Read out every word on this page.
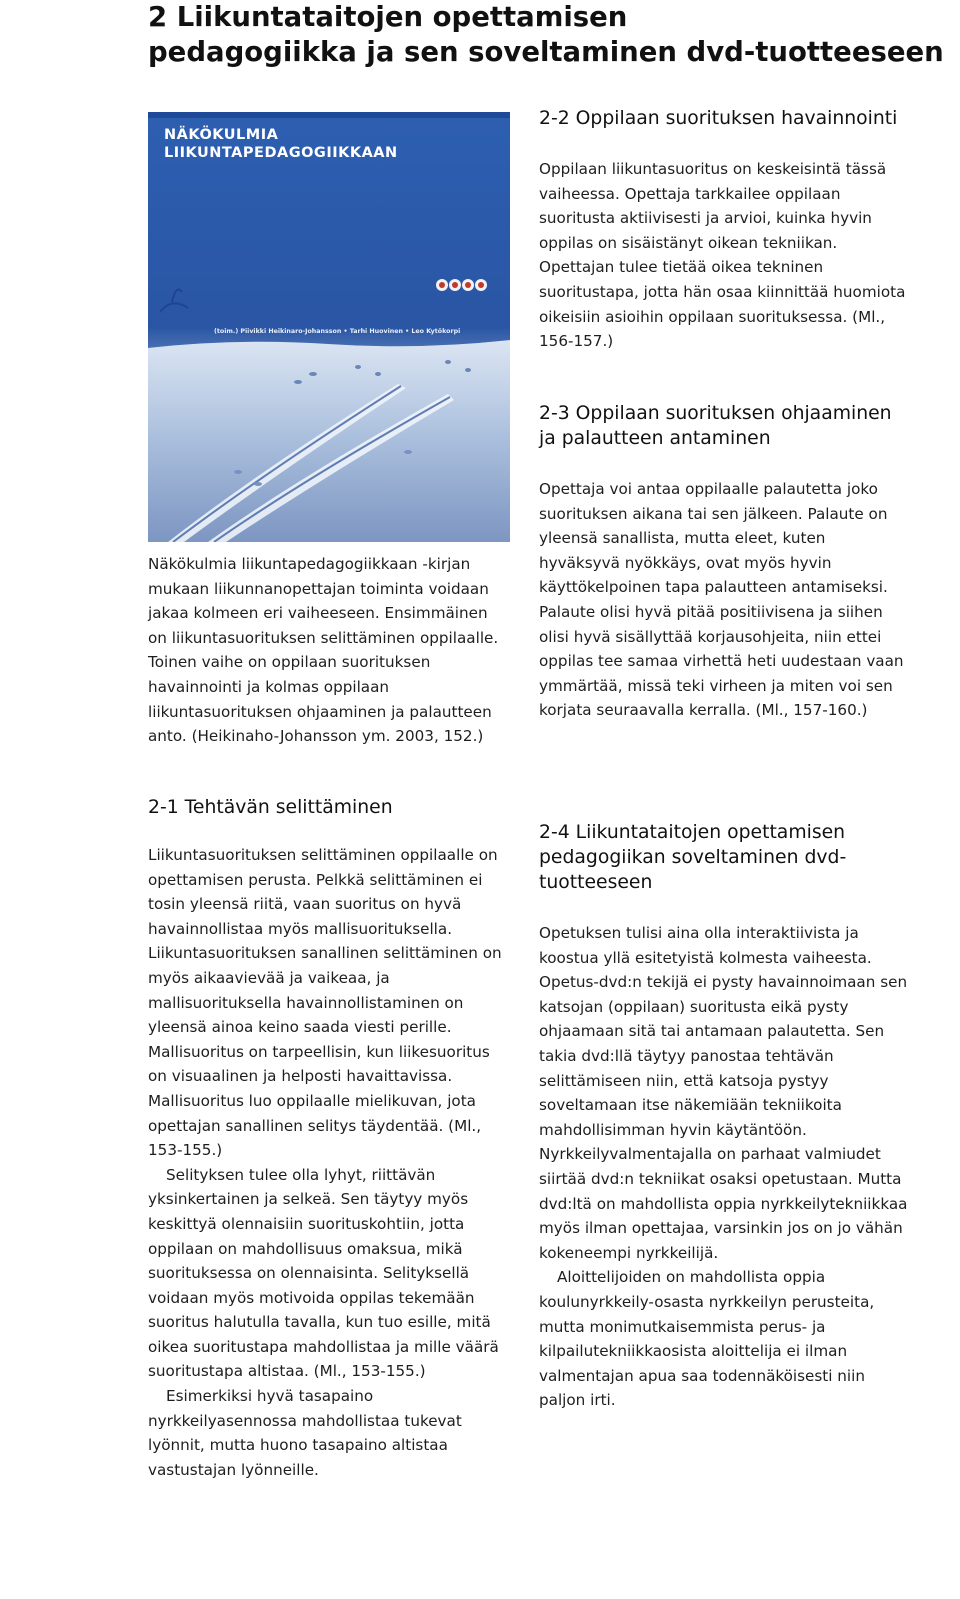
2 Liikuntataitojen opettamisen
pedagogiikka ja sen soveltaminen dvd-tuotteeseen
NÄKÖKULMIA
LIIKUNTAPEDAGOGIIKKAAN
(toim.) Piivikki Heikinaro-Johansson • Tarhi Huovinen • Leo Kytökorpi

Näkökulmia liikuntapedagogiikkaan -kirjan mukaan liikunnanopettajan toiminta voidaan jakaa kolmeen eri vaiheeseen. Ensimmäinen on liikuntasuorituksen selittäminen oppilaalle. Toinen vaihe on oppilaan suorituksen havainnointi ja kolmas oppilaan liikuntasuorituksen ohjaaminen ja palautteen anto. (Heikinaho-Johansson ym. 2003, 152.)

2-1 Tehtävän selittäminen

Liikuntasuorituksen selittäminen oppilaalle on opettamisen perusta. Pelkkä selittäminen ei tosin yleensä riitä, vaan suoritus on hyvä havainnollistaa myös mallisuorituksella. Liikuntasuorituksen sanallinen selittäminen on myös aikaavievää ja vaikeaa, ja mallisuorituksella havainnollistaminen on yleensä ainoa keino saada viesti perille. Mallisuoritus on tarpeellisin, kun liikesuoritus on visuaalinen ja helposti havaittavissa. Mallisuoritus luo oppilaalle mielikuvan, jota opettajan sanallinen selitys täydentää. (Ml., 153-155.)

Selityksen tulee olla lyhyt, riittävän yksinkertainen ja selkeä. Sen täytyy myös keskittyä olennaisiin suorituskohtiin, jotta oppilaan on mahdollisuus omaksua, mikä suorituksessa on olennaisinta. Selityksellä voidaan myös motivoida oppilas tekemään suoritus halutulla tavalla, kun tuo esille, mitä oikea suoritustapa mahdollistaa ja mille väärä suoritustapa altistaa. (Ml., 153-155.)

Esimerkiksi hyvä tasapaino nyrkkeilyasennossa mahdollistaa tukevat lyönnit, mutta huono tasapaino altistaa vastustajan lyönneille.

2-2 Oppilaan suorituksen havainnointi

Oppilaan liikuntasuoritus on keskeisintä tässä vaiheessa. Opettaja tarkkailee oppilaan suoritusta aktiivisesti ja arvioi, kuinka hyvin oppilas on sisäistänyt oikean tekniikan. Opettajan tulee tietää oikea tekninen suoritustapa, jotta hän osaa kiinnittää huomiota oikeisiin asioihin oppilaan suorituksessa. (Ml., 156-157.)

2-3 Oppilaan suorituksen ohjaaminen ja palautteen antaminen

Opettaja voi antaa oppilaalle palautetta joko suorituksen aikana tai sen jälkeen. Palaute on yleensä sanallista, mutta eleet, kuten hyväksyvä nyökkäys, ovat myös hyvin käyttökelpoinen tapa palautteen antamiseksi. Palaute olisi hyvä pitää positiivisena ja siihen olisi hyvä sisällyttää korjausohjeita, niin ettei oppilas tee samaa virhettä heti uudestaan vaan ymmärtää, missä teki virheen ja miten voi sen korjata seuraavalla kerralla. (Ml., 157-160.)

2-4 Liikuntataitojen opettamisen pedagogiikan soveltaminen dvd-tuotteeseen

Opetuksen tulisi aina olla interaktiivista ja koostua yllä esitetyistä kolmesta vaiheesta. Opetus-dvd:n tekijä ei pysty havainnoimaan sen katsojan (oppilaan) suoritusta eikä pysty ohjaamaan sitä tai antamaan palautetta. Sen takia dvd:llä täytyy panostaa tehtävän selittämiseen niin, että katsoja pystyy soveltamaan itse näkemiään tekniikoita mahdollisimman hyvin käytäntöön. Nyrkkeilyvalmentajalla on parhaat valmiudet siirtää dvd:n tekniikat osaksi opetustaan. Mutta dvd:ltä on mahdollista oppia nyrkkeilytekniikkaa myös ilman opettajaa, varsinkin jos on jo vähän kokeneempi nyrkkeilijä.

Aloittelijoiden on mahdollista oppia koulunyrkkeily-osasta nyrkkeilyn perusteita, mutta monimutkaisemmista perus- ja kilpailutekniikkaosista aloittelija ei ilman valmentajan apua saa todennäköisesti niin paljon irti.
